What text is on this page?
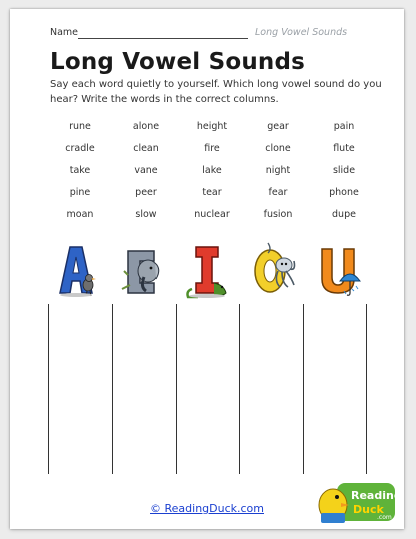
Name	Long Vowel Sounds
Long Vowel Sounds
Say each word quietly to yourself. Which long vowel sound do you hear? Write the words in the correct columns.
rune	alone	height	gear	pain
cradle	clean	fire	clone	flute
take	vane	lake	night	slide
pine	peer	tear	fear	phone
moan	slow	nuclear	fusion	dupe
© ReadingDuck.com
Reading
Duck
.com
